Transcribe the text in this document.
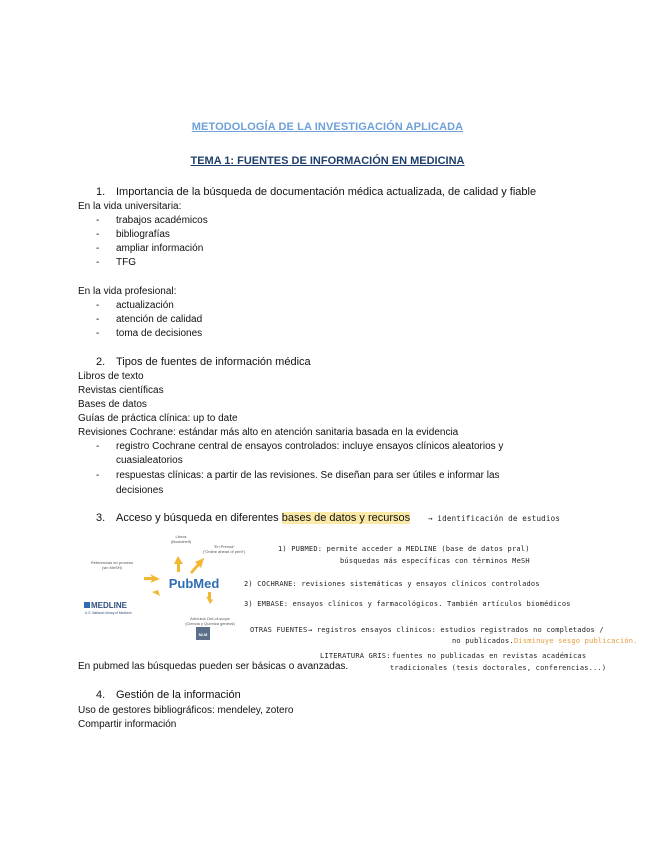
METODOLOGÍA DE LA INVESTIGACIÓN APLICADA
TEMA 1: FUENTES DE INFORMACIÓN EN MEDICINA
1. Importancia de la búsqueda de documentación médica actualizada, de calidad y fiable
En la vida universitaria:
- trabajos académicos
- bibliografías
- ampliar información
- TFG
En la vida profesional:
- actualización
- atención de calidad
- toma de decisiones
2. Tipos de fuentes de información médica
Libros de texto
Revistas científicas
Bases de datos
Guías de práctica clínica: up to date
Revisiones Cochrane: estándar más alto en atención sanitaria basada en la evidencia
- registro Cochrane central de ensayos controlados: incluye ensayos clínicos aleatorios y
cuasialeatorios
- respuestas clínicas: a partir de las revisiones. Se diseñan para ser útiles e informar las
decisiones
3. Acceso y búsqueda en diferentes bases de datos y recursos → identificación de estudios
Libros
(Bookshelf)
"En Prensa"
("Online ahead of print")
Referencias en proceso
(sin MeSH)
Artículos Out-of-scope
(Ciencia y Química general)
PubMed
MEDLINE
U.S. National Library of Medicine
NLM
1) PUBMED: permite acceder a MEDLINE (base de datos pral)
búsquedas más específicas con términos MeSH
2) COCHRANE: revisiones sistemáticas y ensayos clínicos controlados
3) EMBASE: ensayos clínicos y farmacológicos. También artículos biomédicos
OTRAS FUENTES → registros ensayos clínicos: estudios registrados no completados /
no publicados. Disminuye sesgo publicación.
LITERATURA GRIS: fuentes no publicadas en revistas académicas
tradicionales (tesis doctorales, conferencias...)
En pubmed las búsquedas pueden ser básicas o avanzadas.
4. Gestión de la información
Uso de gestores bibliográficos: mendeley, zotero
Compartir información
